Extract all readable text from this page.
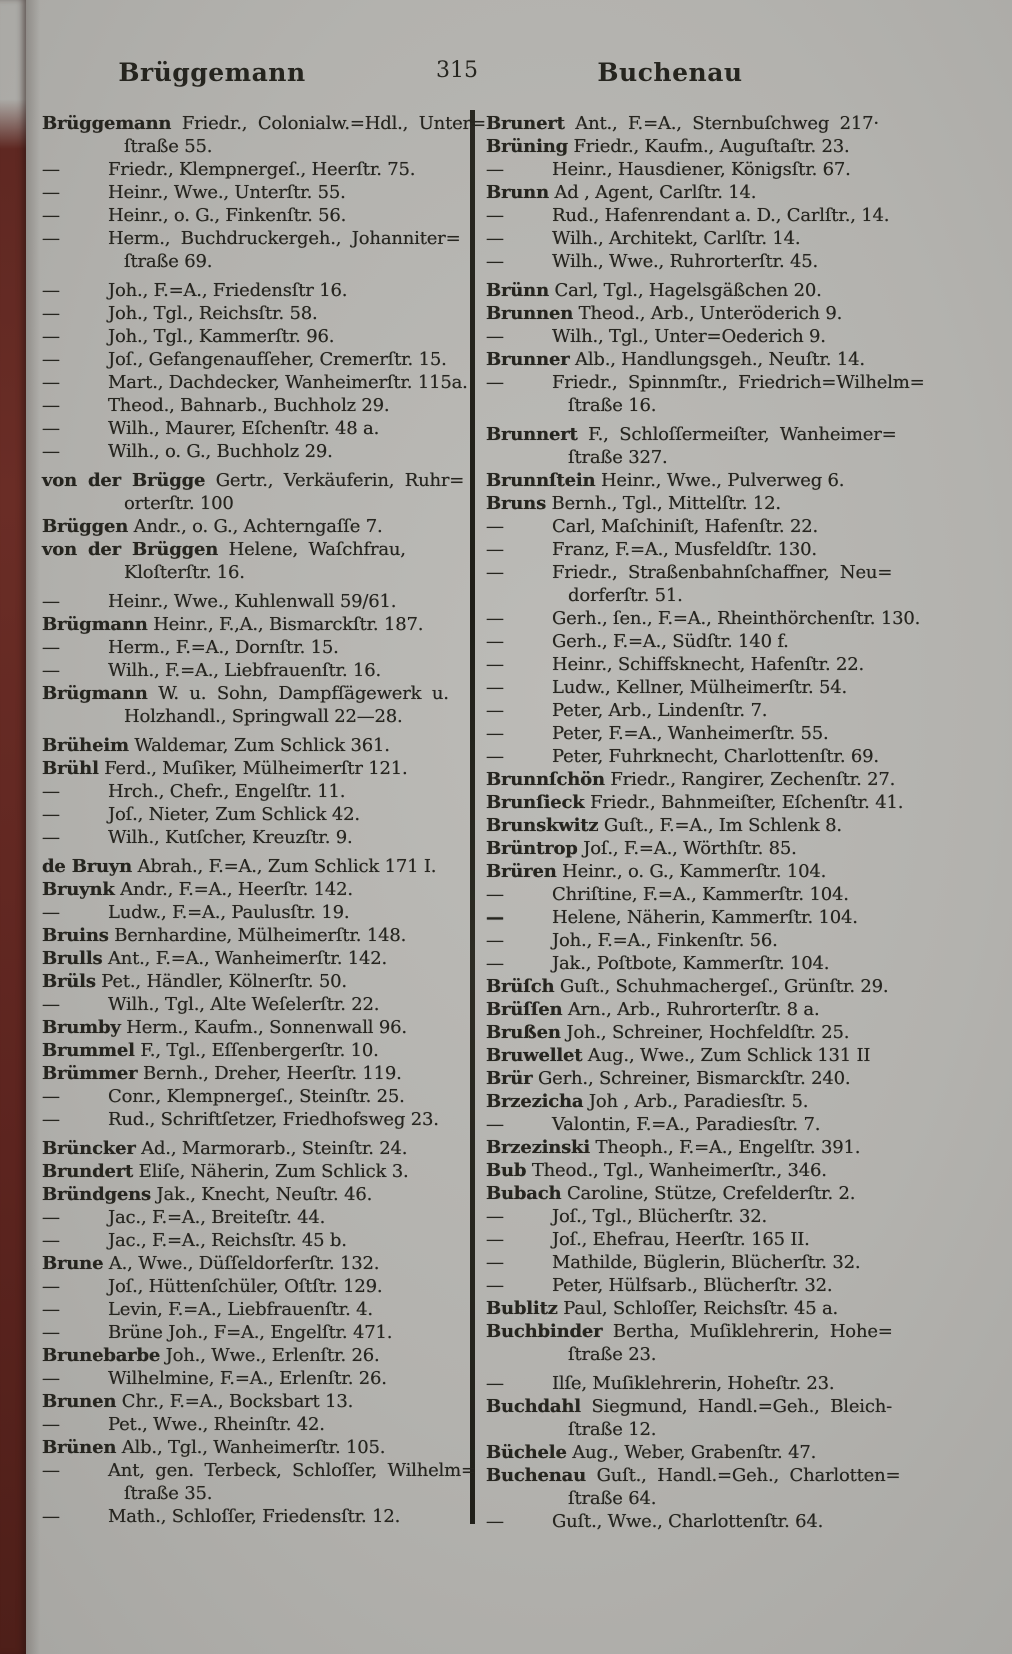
Brüggemann	315	Buchenau
Brüggemann Friedr., Colonialw.=Hdl., Unter=
ſtraße 55.
—	Friedr., Klempnergeſ., Heerſtr. 75.
—	Heinr., Wwe., Unterſtr. 55.
—	Heinr., o. G., Finkenſtr. 56.
—	Herm., Buchdruckergeh., Johanniter=
ſtraße 69.
—	Joh., F.=A., Friedensſtr 16.
—	Joh., Tgl., Reichsſtr. 58.
—	Joh., Tgl., Kammerſtr. 96.
—	Joſ., Gefangenaufſeher, Cremerſtr. 15.
—	Mart., Dachdecker, Wanheimerſtr. 115a.
—	Theod., Bahnarb., Buchholz 29.
—	Wilh., Maurer, Eſchenſtr. 48 a.
—	Wilh., o. G., Buchholz 29.
von der Brügge Gertr., Verkäuferin, Ruhr=
orterſtr. 100
Brüggen Andr., o. G., Achterngaſſe 7.
von der Brüggen Helene, Waſchfrau,
Kloſterſtr. 16.
—	Heinr., Wwe., Kuhlenwall 59/61.
Brügmann Heinr., F.,A., Bismarckſtr. 187.
—	Herm., F.=A., Dornſtr. 15.
—	Wilh., F.=A., Liebfrauenſtr. 16.
Brügmann W. u. Sohn, Dampfſägewerk u.
Holzhandl., Springwall 22—28.
Brüheim Waldemar, Zum Schlick 361.
Brühl Ferd., Muſiker, Mülheimerſtr 121.
—	Hrch., Chefr., Engelſtr. 11.
—	Joſ., Nieter, Zum Schlick 42.
—	Wilh., Kutſcher, Kreuzſtr. 9.
de Bruyn Abrah., F.=A., Zum Schlick 171 I.
Bruynk Andr., F.=A., Heerſtr. 142.
—	Ludw., F.=A., Paulusſtr. 19.
Bruins Bernhardine, Mülheimerſtr. 148.
Brulls Ant., F.=A., Wanheimerſtr. 142.
Brüls Pet., Händler, Kölnerſtr. 50.
—	Wilh., Tgl., Alte Weſelerſtr. 22.
Brumby Herm., Kaufm., Sonnenwall 96.
Brummel F., Tgl., Eſſenbergerſtr. 10.
Brümmer Bernh., Dreher, Heerſtr. 119.
—	Conr., Klempnergeſ., Steinſtr. 25.
—	Rud., Schriftſetzer, Friedhofsweg 23.
Brüncker Ad., Marmorarb., Steinſtr. 24.
Brundert Eliſe, Näherin, Zum Schlick 3.
Bründgens Jak., Knecht, Neuſtr. 46.
—	Jac., F.=A., Breiteſtr. 44.
—	Jac., F.=A., Reichsſtr. 45 b.
Brune A., Wwe., Düſſeldorferſtr. 132.
—	Joſ., Hüttenſchüler, Oſtſtr. 129.
—	Levin, F.=A., Liebfrauenſtr. 4.
—	Brüne Joh., F=A., Engelſtr. 471.
Brunebarbe Joh., Wwe., Erlenſtr. 26.
—	Wilhelmine, F.=A., Erlenſtr. 26.
Brunen Chr., F.=A., Bocksbart 13.
—	Pet., Wwe., Rheinſtr. 42.
Brünen Alb., Tgl., Wanheimerſtr. 105.
—	Ant, gen. Terbeck, Schloſſer, Wilhelm=
ſtraße 35.
—	Math., Schloſſer, Friedensſtr. 12.
Brunert Ant., F.=A., Sternbuſchweg 217·
Brüning Friedr., Kaufm., Auguſtaſtr. 23.
—	Heinr., Hausdiener, Königsſtr. 67.
Brunn Ad , Agent, Carlſtr. 14.
—	Rud., Hafenrendant a. D., Carlſtr., 14.
—	Wilh., Architekt, Carlſtr. 14.
—	Wilh., Wwe., Ruhrorterſtr. 45.
Brünn Carl, Tgl., Hagelsgäßchen 20.
Brunnen Theod., Arb., Unteröderich 9.
—	Wilh., Tgl., Unter=Oederich 9.
Brunner Alb., Handlungsgeh., Neuſtr. 14.
—	Friedr., Spinnmſtr., Friedrich=Wilhelm=
ſtraße 16.
Brunnert F., Schloſſermeiſter, Wanheimer=
ſtraße 327.
Brunnſtein Heinr., Wwe., Pulverweg 6.
Bruns Bernh., Tgl., Mittelſtr. 12.
—	Carl, Maſchiniſt, Hafenſtr. 22.
—	Franz, F.=A., Musfeldſtr. 130.
—	Friedr., Straßenbahnſchaffner, Neu=
dorferſtr. 51.
—	Gerh., ſen., F.=A., Rheinthörchenſtr. 130.
—	Gerh., F.=A., Südſtr. 140 f.
—	Heinr., Schiffsknecht, Hafenſtr. 22.
—	Ludw., Kellner, Mülheimerſtr. 54.
—	Peter, Arb., Lindenſtr. 7.
—	Peter, F.=A., Wanheimerſtr. 55.
—	Peter, Fuhrknecht, Charlottenſtr. 69.
Brunnſchön Friedr., Rangirer, Zechenſtr. 27.
Brunſieck Friedr., Bahnmeiſter, Eſchenſtr. 41.
Brunskwitz Guſt., F.=A., Im Schlenk 8.
Brüntrop Joſ., F.=A., Wörthſtr. 85.
Brüren Heinr., o. G., Kammerſtr. 104.
—	Chriſtine, F.=A., Kammerſtr. 104.
—	Helene, Näherin, Kammerſtr. 104.
—	Joh., F.=A., Finkenſtr. 56.
—	Jak., Poſtbote, Kammerſtr. 104.
Brüſch Guſt., Schuhmachergeſ., Grünſtr. 29.
Brüſſen Arn., Arb., Ruhrorterſtr. 8 a.
Brußen Joh., Schreiner, Hochfeldſtr. 25.
Bruwellet Aug., Wwe., Zum Schlick 131 II
Brür Gerh., Schreiner, Bismarckſtr. 240.
Brzezicha Joh , Arb., Paradiesſtr. 5.
—	Valontin, F.=A., Paradiesſtr. 7.
Brzezinski Theoph., F.=A., Engelſtr. 391.
Bub Theod., Tgl., Wanheimerſtr., 346.
Bubach Caroline, Stütze, Crefelderſtr. 2.
—	Joſ., Tgl., Blücherſtr. 32.
—	Joſ., Ehefrau, Heerſtr. 165 II.
—	Mathilde, Büglerin, Blücherſtr. 32.
—	Peter, Hülfsarb., Blücherſtr. 32.
Bublitz Paul, Schloſſer, Reichsſtr. 45 a.
Buchbinder Bertha, Muſiklehrerin, Hohe=
ſtraße 23.
—	Ilſe, Muſiklehrerin, Hoheſtr. 23.
Buchdahl Siegmund, Handl.=Geh., Bleich-
ſtraße 12.
Büchele Aug., Weber, Grabenſtr. 47.
Buchenau Guſt., Handl.=Geh., Charlotten=
ſtraße 64.
—	Guſt., Wwe., Charlottenſtr. 64.
